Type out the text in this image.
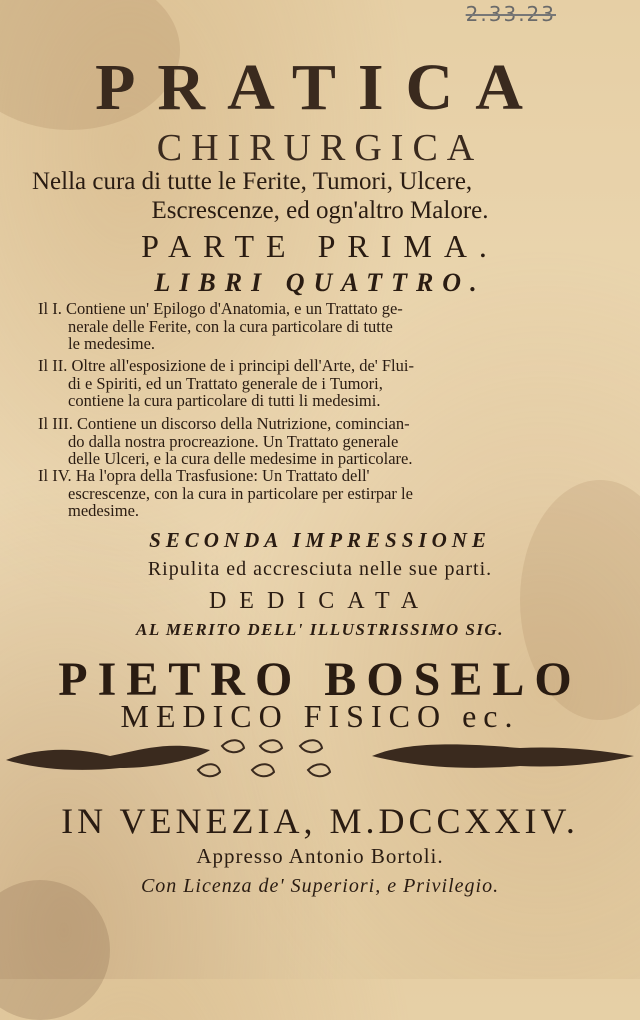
2.33.23
PRATICA
CHIRURGICA
Nella cura di tutte le Ferite, Tumori, Ulcere,
Escrescenze, ed ogn'altro Malore.
PARTE PRIMA.
LIBRI QUATTRO.
Il I. Contiene un' Epilogo d'Anatomia, e un Trattato ge-
nerale delle Ferite, con la cura particolare di tutte
le medesime.
Il II. Oltre all'esposizione de i principi dell'Arte, de' Flui-
di e Spiriti, ed un Trattato generale de i Tumori,
contiene la cura particolare di tutti li medesimi.
Il III. Contiene un discorso della Nutrizione, comincian-
do dalla nostra procreazione. Un Trattato generale
delle Ulceri, e la cura delle medesime in particolare.
Il IV. Ha l'opra della Trasfusione: Un Trattato dell'
escrescenze, con la cura in particolare per estirpar le
medesime.
SECONDA IMPRESSIONE
Ripulita ed accresciuta nelle sue parti.
DEDICATA
AL MERITO DELL' ILLUSTRISSIMO SIG.
PIETRO BOSELO
MEDICO FISICO ec.
IN VENEZIA, M.DCCXXIV.
Appresso Antonio Bortoli.
Con Licenza de' Superiori, e Privilegio.
